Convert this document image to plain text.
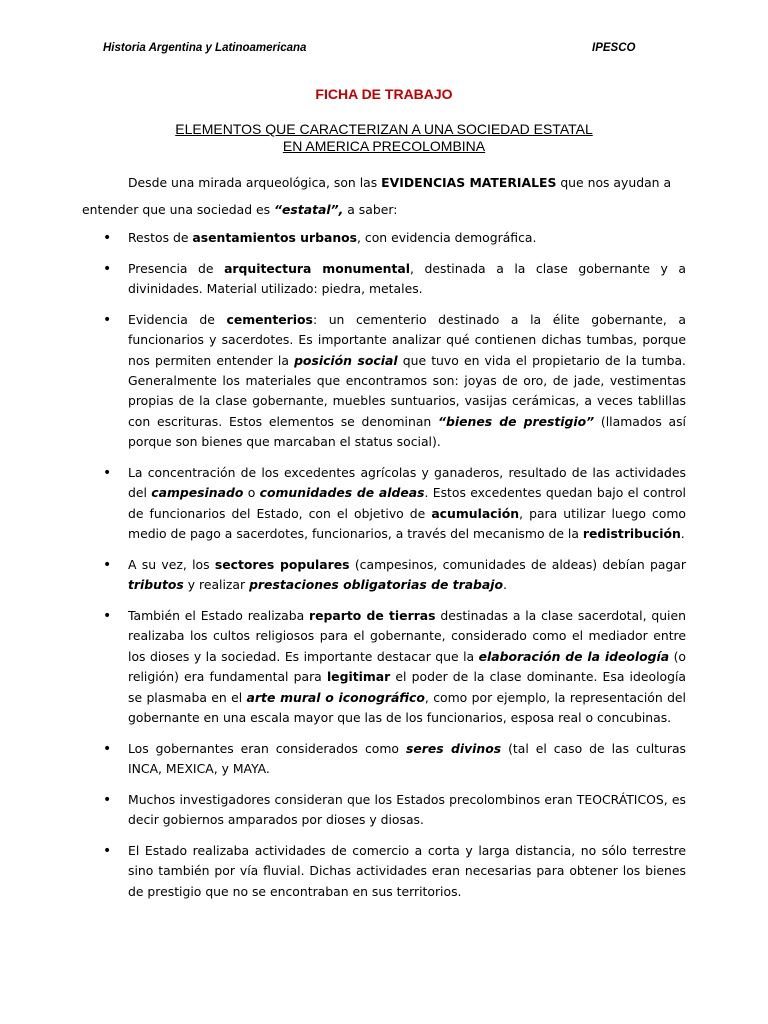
Historia Argentina y Latinoamericana	IPESCO
FICHA DE TRABAJO
ELEMENTOS QUE CARACTERIZAN A UNA SOCIEDAD ESTATAL
EN AMERICA PRECOLOMBINA
Desde una mirada arqueológica, son las EVIDENCIAS MATERIALES que nos ayudan a
entender que una sociedad es “estatal”, a saber:
• Restos de asentamientos urbanos, con evidencia demográfica.
• Presencia de arquitectura monumental, destinada a la clase gobernante y a divinidades. Material utilizado: piedra, metales.
• Evidencia de cementerios: un cementerio destinado a la élite gobernante, a funcionarios y sacerdotes. Es importante analizar qué contienen dichas tumbas, porque nos permiten entender la posición social que tuvo en vida el propietario de la tumba. Generalmente los materiales que encontramos son: joyas de oro, de jade, vestimentas propias de la clase gobernante, muebles suntuarios, vasijas cerámicas, a veces tablillas con escrituras. Estos elementos se denominan “bienes de prestigio” (llamados así porque son bienes que marcaban el status social).
• La concentración de los excedentes agrícolas y ganaderos, resultado de las actividades del campesinado o comunidades de aldeas. Estos excedentes quedan bajo el control de funcionarios del Estado, con el objetivo de acumulación, para utilizar luego como medio de pago a sacerdotes, funcionarios, a través del mecanismo de la redistribución.
• A su vez, los sectores populares (campesinos, comunidades de aldeas) debían pagar tributos y realizar prestaciones obligatorias de trabajo.
• También el Estado realizaba reparto de tierras destinadas a la clase sacerdotal, quien realizaba los cultos religiosos para el gobernante, considerado como el mediador entre los dioses y la sociedad. Es importante destacar que la elaboración de la ideología (o religión) era fundamental para legitimar el poder de la clase dominante. Esa ideología se plasmaba en el arte mural o iconográfico, como por ejemplo, la representación del gobernante en una escala mayor que las de los funcionarios, esposa real o concubinas.
• Los gobernantes eran considerados como seres divinos (tal el caso de las culturas INCA, MEXICA, y MAYA.
• Muchos investigadores consideran que los Estados precolombinos eran TEOCRÁTICOS, es decir gobiernos amparados por dioses y diosas.
• El Estado realizaba actividades de comercio a corta y larga distancia, no sólo terrestre sino también por vía fluvial. Dichas actividades eran necesarias para obtener los bienes de prestigio que no se encontraban en sus territorios.
